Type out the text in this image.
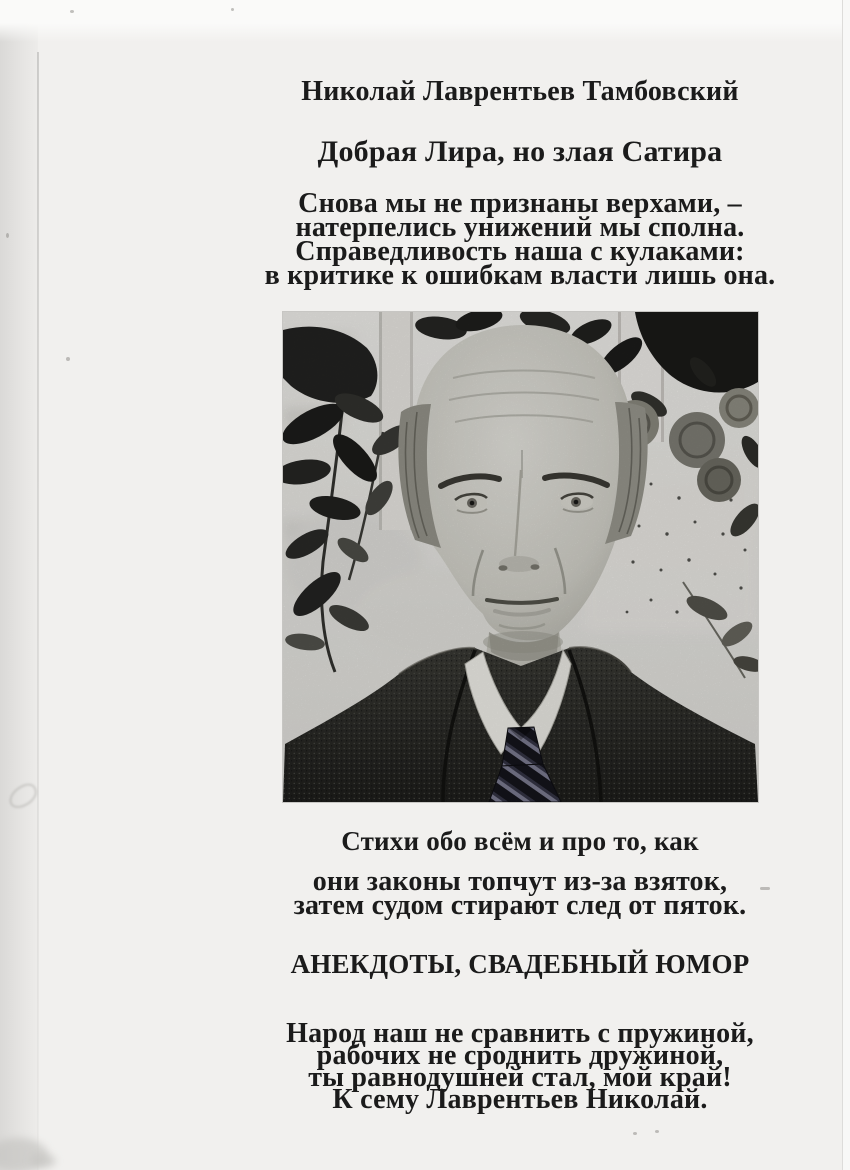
Николай Лаврентьев Тамбовский
Добрая Лира, но злая Сатира
Снова мы не признаны верхами, –
натерпелись унижений мы сполна.
Справедливость наша с кулаками:
в критике к ошибкам власти лишь она.
Стихи обо всём и про то, как
они законы топчут из-за взяток,
затем судом стирают след от пяток.
АНЕКДОТЫ, СВАДЕБНЫЙ ЮМОР
Народ наш не сравнить с пружиной,
рабочих не сроднить дружиной,
ты равнодушней стал, мой край!
К сему Лаврентьев Николай.
